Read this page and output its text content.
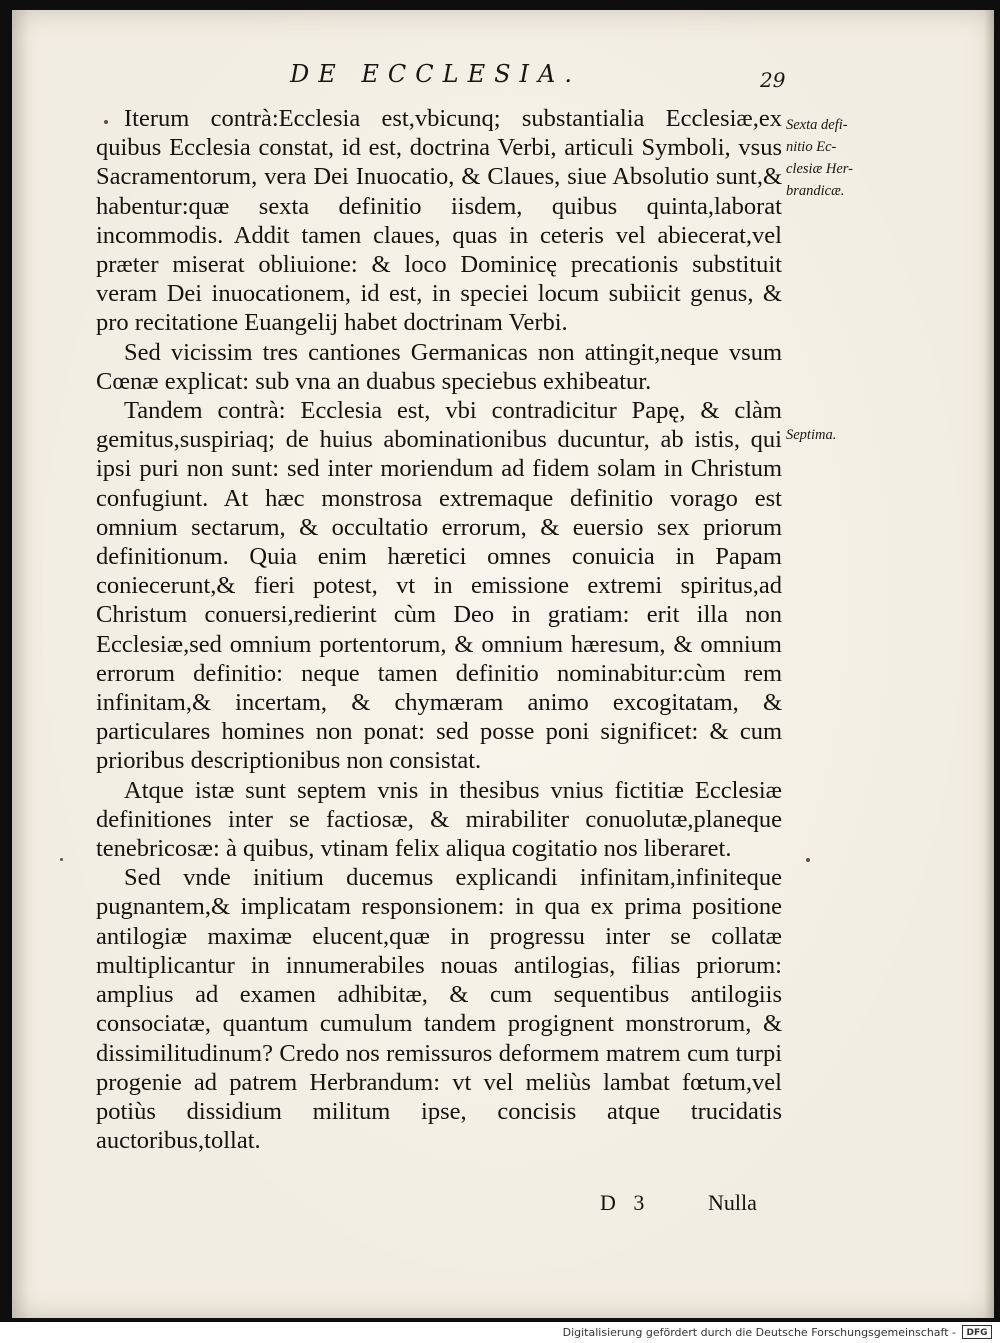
DE ECCLESIA.	29

Iterum contrà:Ecclesia est,vbicunq; substantialia Ecclesiæ,ex quibus Ecclesia constat, id est, doctrina Verbi, articuli Symboli, vsus Sacramentorum, vera Dei Inuocatio, & Claues, siue Absolutio sunt,& habentur:quæ sexta definitio iisdem, quibus quinta,laborat incommodis. Addit tamen claues, quas in ceteris vel abiecerat,vel præter miserat obliuione: & loco Dominicę precationis substituit veram Dei inuocationem, id est, in speciei locum subiicit genus, & pro recitatione Euangelij habet doctrinam Verbi.

Sed vicissim tres cantiones Germanicas non attingit,neque vsum Cœnæ explicat: sub vna an duabus speciebus exhibeatur.

Tandem contrà: Ecclesia est, vbi contradicitur Papę, & clàm gemitus,suspiriaq; de huius abominationibus ducuntur, ab istis, qui ipsi puri non sunt: sed inter moriendum ad fidem solam in Christum confugiunt. At hæc monstrosa extremaque definitio vorago est omnium sectarum, & occultatio errorum, & euersio sex priorum definitionum. Quia enim hæretici omnes conuicia in Papam coniecerunt,& fieri potest, vt in emissione extremi spiritus,ad Christum conuersi,redierint cùm Deo in gratiam: erit illa non Ecclesiæ,sed omnium portentorum, & omnium hæresum, & omnium errorum definitio: neque tamen definitio nominabitur:cùm rem infinitam,& incertam, & chymæram animo excogitatam, & particulares homines non ponat: sed posse poni significet: & cum prioribus descriptionibus non consistat.

Atque istæ sunt septem vnis in thesibus vnius fictitiæ Ecclesiæ definitiones inter se factiosæ, & mirabiliter conuolutæ,planeque tenebricosæ: à quibus, vtinam felix aliqua cogitatio nos liberaret.

Sed vnde initium ducemus explicandi infinitam,infiniteque pugnantem,& implicatam responsionem: in qua ex prima positione antilogiæ maximæ elucent,quæ in progressu inter se collatæ multiplicantur in innumerabiles nouas antilogias, filias priorum: amplius ad examen adhibitæ, & cum sequentibus antilogiis consociatæ, quantum cumulum tandem progignent monstrorum, & dissimilitudinum? Credo nos remissuros deformem matrem cum turpi progenie ad patrem Herbrandum: vt vel meliùs lambat fœtum,vel potiùs dissidium militum ipse, concisis atque trucidatis auctoribus,tollat.

Sexta defi-
nitio Ec-
clesiæ Her-
brandicæ.
Septima.
D 3	Nulla
Digitalisierung gefördert durch die Deutsche Forschungsgemeinschaft -	DFG
